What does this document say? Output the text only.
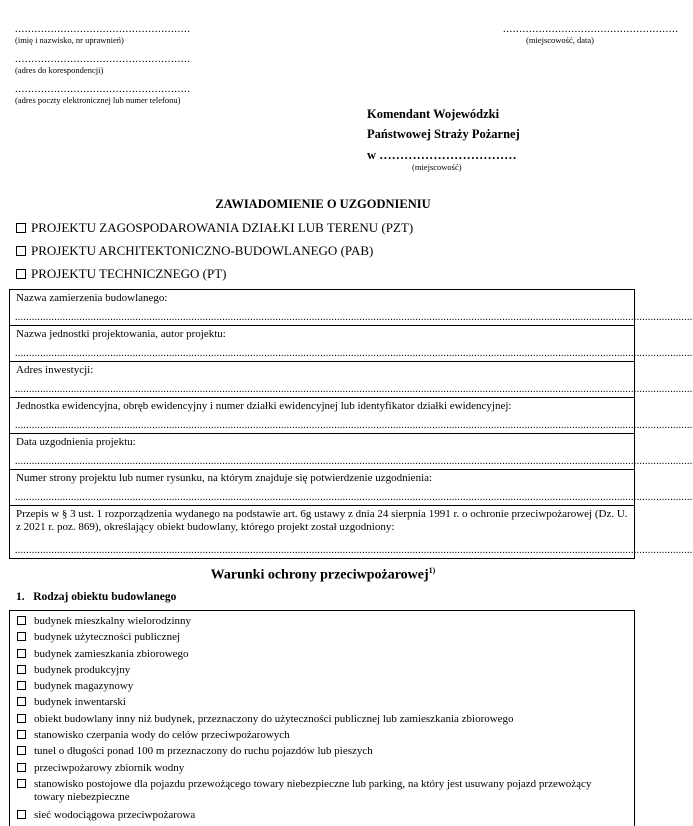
......................................................
(imię i nazwisko, nr uprawnień)
......................................................
(miejscowość, data)
......................................................
(adres do korespondencji)
......................................................
(adres poczty elektronicznej lub numer telefonu)
Komendant Wojewódzki
Państwowej Straży Pożarnej
w ……………………………
(miejscowość)
ZAWIADOMIENIE O UZGODNIENIU
PROJEKTU ZAGOSPODAROWANIA DZIAŁKI LUB TERENU (PZT)
PROJEKTU ARCHITEKTONICZNO-BUDOWLANEGO (PAB)
PROJEKTU TECHNICZNEGO (PT)
Nazwa zamierzenia budowlanego:
..................................................................................................................................................................................................................................................
Nazwa jednostki projektowania, autor projektu:
..................................................................................................................................................................................................................................................
Adres inwestycji:
..................................................................................................................................................................................................................................................
Jednostka ewidencyjna, obręb ewidencyjny i numer działki ewidencyjnej lub identyfikator działki ewidencyjnej:
..................................................................................................................................................................................................................................................
Data uzgodnienia projektu:
..................................................................................................................................................................................................................................................
Numer strony projektu lub numer rysunku, na którym znajduje się potwierdzenie uzgodnienia:
..................................................................................................................................................................................................................................................
Przepis w § 3 ust. 1 rozporządzenia wydanego na podstawie art. 6g ustawy z dnia 24 sierpnia 1991 r. o ochronie przeciwpożarowej (Dz. U. z 2021 r. poz. 869), określający obiekt budowlany, którego projekt został uzgodniony:
..................................................................................................................................................................................................................................................
Warunki ochrony przeciwpożarowej$^{1)}$
1. Rodzaj obiektu budowlanego
budynek mieszkalny wielorodzinny
budynek użyteczności publicznej
budynek zamieszkania zbiorowego
budynek produkcyjny
budynek magazynowy
budynek inwentarski
obiekt budowlany inny niż budynek, przeznaczony do użyteczności publicznej lub zamieszkania zbiorowego
stanowisko czerpania wody do celów przeciwpożarowych
tunel o długości ponad 100 m przeznaczony do ruchu pojazdów lub pieszych
przeciwpożarowy zbiornik wodny
stanowisko postojowe dla pojazdu przewożącego towary niebezpieczne lub parking, na który jest usuwany pojazd przewożący towary niebezpieczne
sieć wodociągowa przeciwpożarowa
